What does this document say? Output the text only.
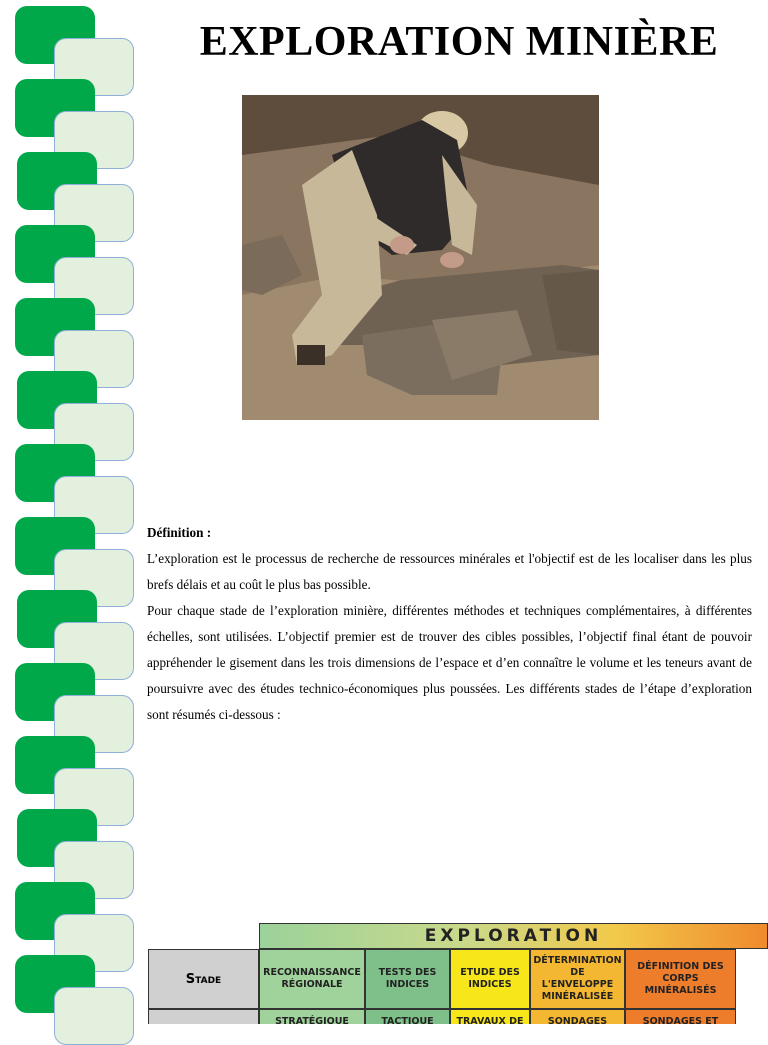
EXPLORATION MINIÈRE

Définition :

L’exploration est le processus de recherche de ressources minérales et l'objectif est de les localiser dans les plus brefs délais et au coût le plus bas possible.

Pour chaque stade de l’exploration minière, différentes méthodes et techniques complémentaires, à différentes échelles, sont utilisées. L’objectif premier est de trouver des cibles possibles, l’objectif final étant de pouvoir appréhender le gisement dans les trois dimensions de l’espace et d’en connaître le volume et les teneurs avant de poursuivre avec des études technico-économiques plus poussées. Les différents stades de l’étape d’exploration sont résumés ci-dessous :

EXPLORATION
Stade	RECONNAISSANCE RÉGIONALE
STRATÉGIQUE
TESTS DES INDICES
TACTIQUE
ETUDE DES INDICES
TRAVAUX DE
DÉTERMINATION DE L'ENVELOPPE MINÉRALISÉE
SONDAGES
DÉFINITION DES CORPS MINÉRALISÉS
SONDAGES ET
